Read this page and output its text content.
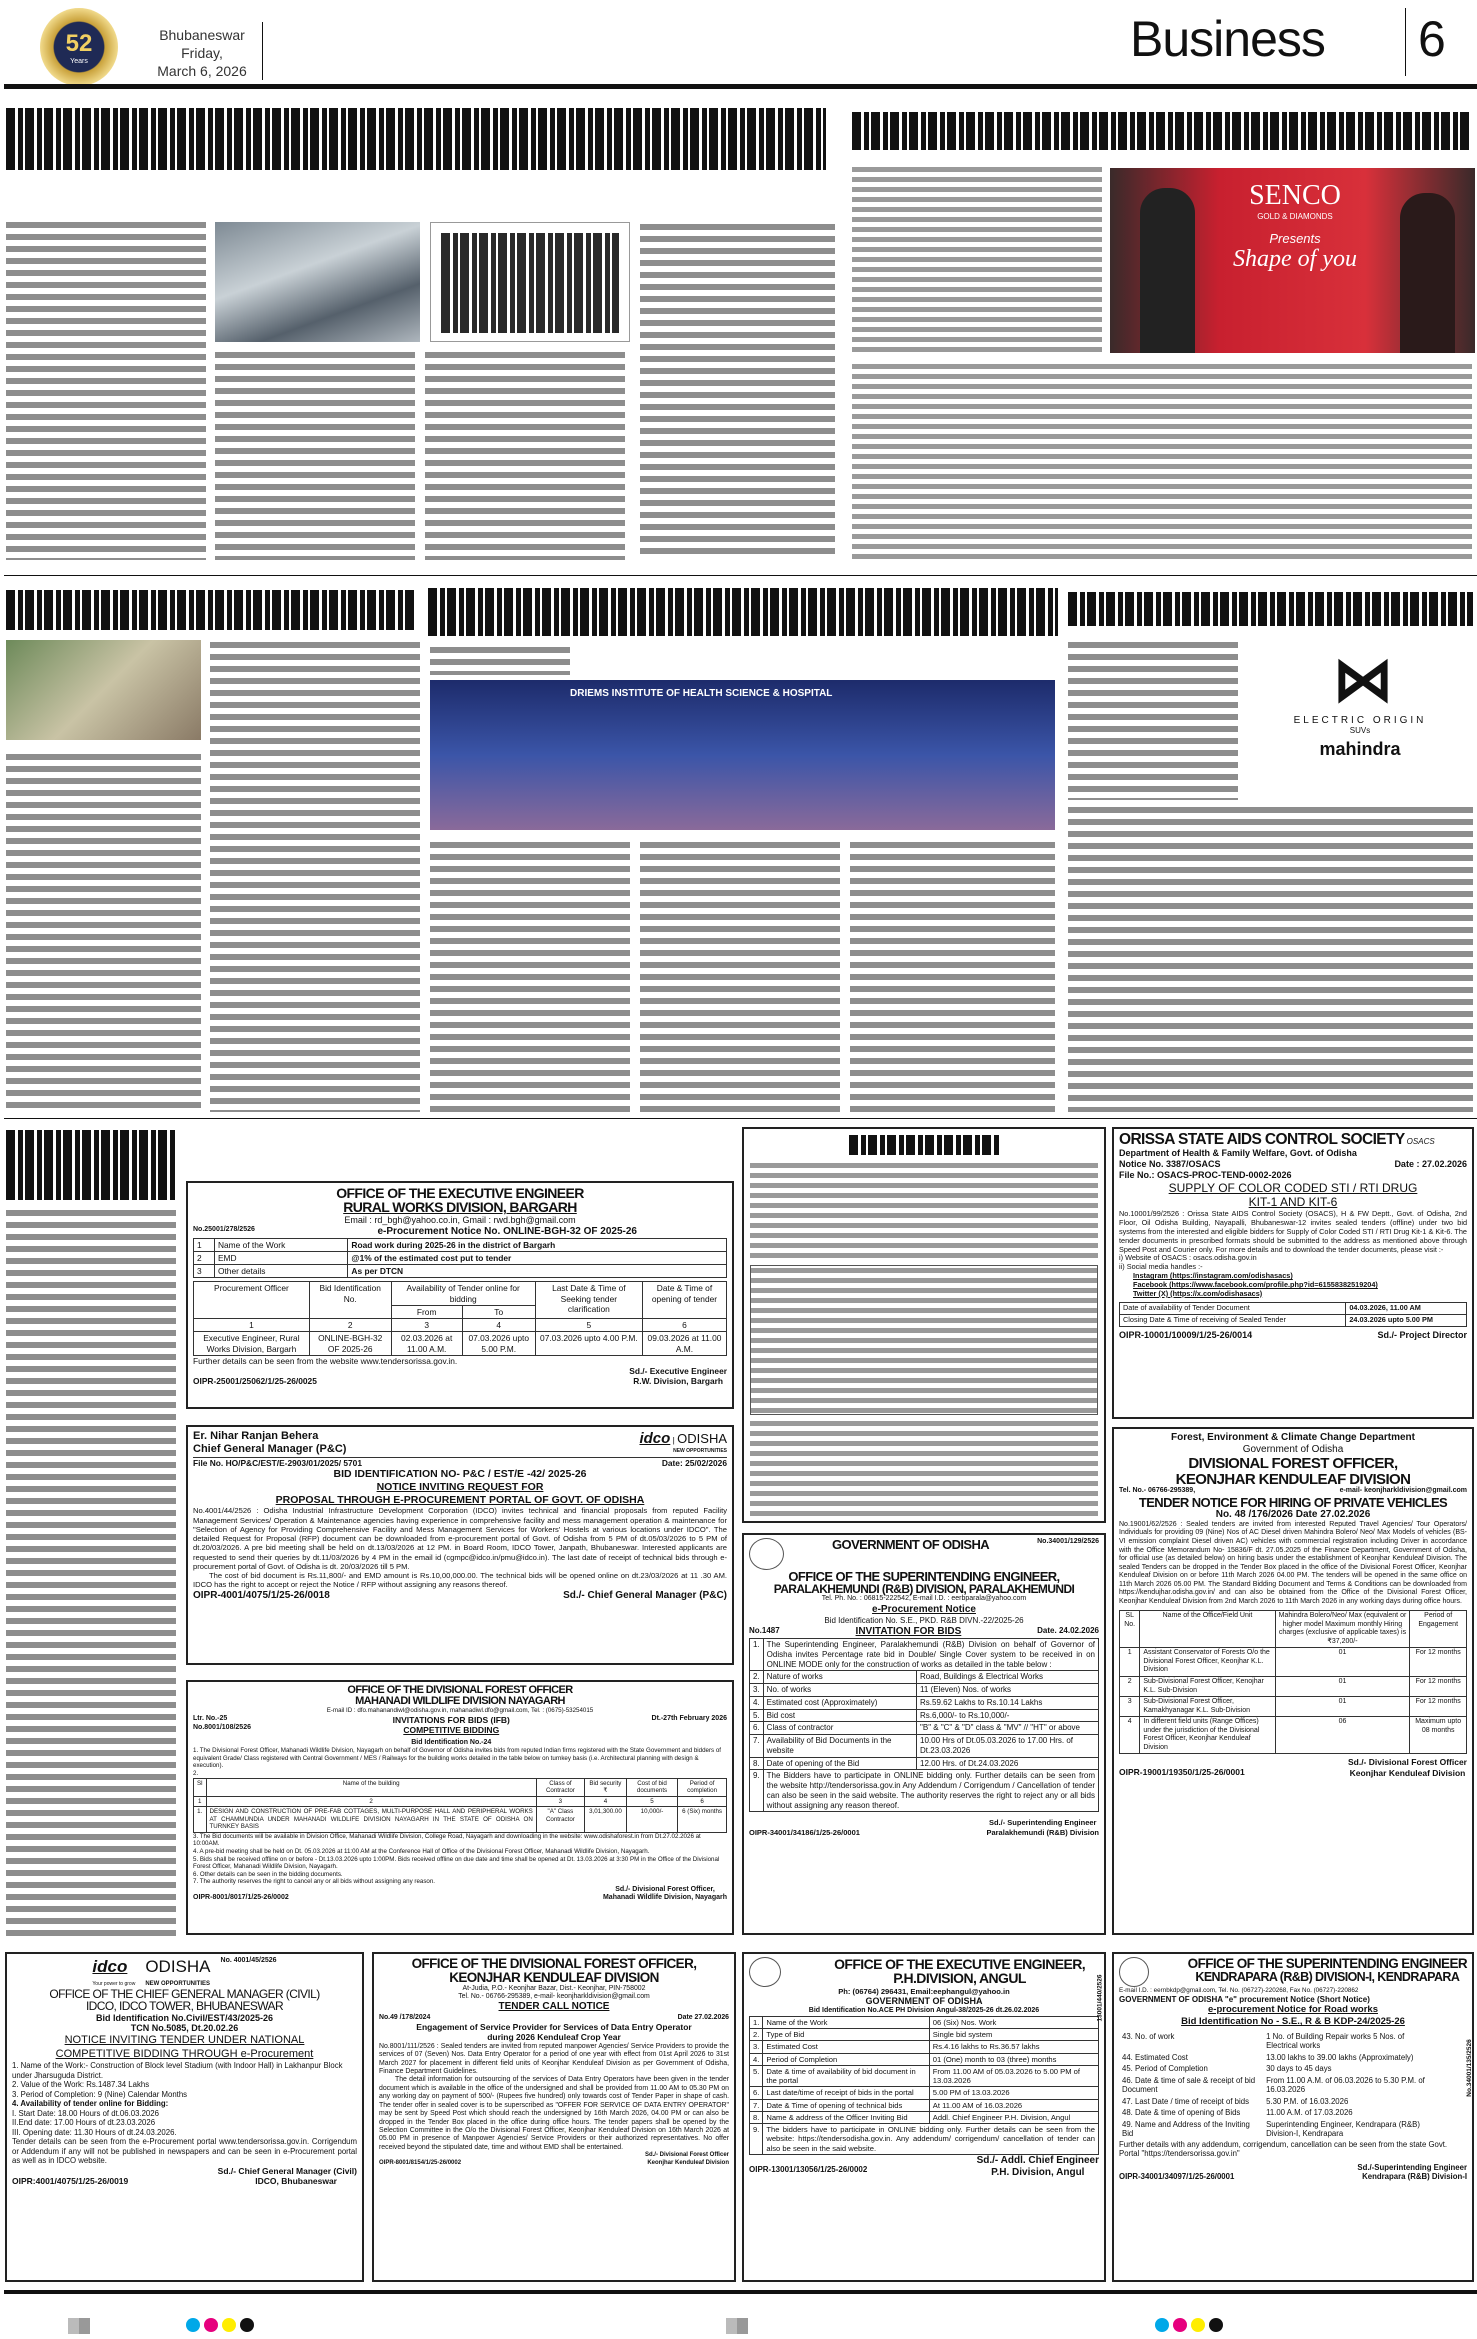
52
Years
Bhubaneswar Friday,
March 6, 2026
Business 6
SENCO
GOLD & DIAMONDS
Presents
Shape of you
DRIEMS INSTITUTE OF HEALTH SCIENCE & HOSPITAL	⋈
ELECTRIC ORIGIN
SUVs
mahindra
OFFICE OF THE EXECUTIVE ENGINEER
RURAL WORKS DIVISION, BARGARH
Email : rd_bgh@yahoo.co.in, Gmail : rwd.bgh@gmail.com
No.25001/278/2526	e-Procurement Notice No. ONLINE-BGH-32 OF 2025-26
1	Name of the Work	Road work during 2025-26 in the district of Bargarh
2	EMD	@1% of the estimated cost put to tender
3	Other details	As per DTCN
Procurement Officer	Bid Identification No.	Availability of Tender online for bidding		Last Date & Time of Seeking tender clarification	Date & Time of opening of tender
		From	To		
1	2	3	4	5	6
Executive Engineer, Rural Works Division, Bargarh	ONLINE-BGH-32 OF 2025-26	02.03.2026 at 11.00 A.M.	07.03.2026 upto 5.00 P.M.	07.03.2026 upto 4.00 P.M.	09.03.2026 at 11.00 A.M.
Further details can be seen from the website www.tendersorissa.gov.in.
OIPR-25001/25062/1/25-26/0025
Sd./- Executive Engineer
R.W. Division, Bargarh
Er. Nihar Ranjan Behera
Chief General Manager (P&C)
idco | ODISHA
NEW OPPORTUNITIES
File No. HO/P&C/EST/E-2903/01/2025/ 5701	Date: 25/02/2026
BID IDENTIFICATION NO- P&C / EST/E -42/ 2025-26
NOTICE INVITING REQUEST FOR
PROPOSAL THROUGH E-PROCUREMENT PORTAL OF GOVT. OF ODISHA
No.4001/44/2526 : Odisha Industrial Infrastructure Development Corporation (IDCO) invites technical and financial proposals from reputed Facility Management Services/ Operation & Maintenance agencies having experience in comprehensive facility and mess management operation & maintenance for "Selection of Agency for Providing Comprehensive Facility and Mess Management Services for Workers' Hostels at various locations under IDCO". The detailed Request for Proposal (RFP) document can be downloaded from e-procurement portal of Govt. of Odisha from 5 PM of dt.05/03/2026 to 5 PM of dt.20/03/2026. A pre bid meeting shall be held on dt.13/03/2026 at 12 PM. in Board Room, IDCO Tower, Janpath, Bhubaneswar. Interested applicants are requested to send their queries by dt.11/03/2026 by 4 PM in the email id (cgmpc@idco.in/pmu@idco.in). The last date of receipt of technical bids through e-procurement portal of Govt. of Odisha is dt. 20/03/2026 till 5 PM.
The cost of bid document is Rs.11,800/- and EMD amount is Rs.10,00,000.00. The technical bids will be opened online on dt.23/03/2026 at 11 .30 AM. IDCO has the right to accept or reject the Notice / RFP without assigning any reasons thereof.
OIPR-4001/4075/1/25-26/0018	Sd./- Chief General Manager (P&C)
OFFICE OF THE DIVISIONAL FOREST OFFICER
MAHANADI WILDLIFE DIVISION NAYAGARH
E-mail ID : dfo.mahanandiwl@odisha.gov.in, mahanadiwl.dfo@gmail.com, Tel. : (0675)-53254015
Ltr. No.-25
No.8001/108/2526
INVITATIONS FOR BIDS (IFB)
COMPETITIVE BIDDING
Bid Identification No.-24
Dt.-27th February 2026
1. The Divisional Forest Officer, Mahanadi Wildlife Division, Nayagarh on behalf of Governor of Odisha invites bids from reputed Indian firms registered with the State Government and bidders of equivalent Grade/ Class registered with Central Government / MES / Railways for the building works detailed in the table below on turnkey basis (i.e. Architectural planning with design & execution).
2.
Sl	Name of the building	Class of Contractor	Bid security ₹	Cost of bid documents	Period of completion
1	2	3	4	5	6
1.	DESIGN AND CONSTRUCTION OF PRE-FAB COTTAGES, MULTI-PURPOSE HALL AND PERIPHERAL WORKS AT CHAMMUNDIA UNDER MAHANADI WILDLIFE DIVISION NAYAGARH IN THE STATE OF ODISHA ON TURNKEY BASIS	"A" Class Contractor	3,01,300.00	10,000/-	6 (Six) months
3. The Bid documents will be available in Division Office, Mahanadi Wildlife Division, College Road, Nayagarh and downloading in the website: www.odishaforest.in from Dt.27.02.2026 at 10:00AM.
4. A pre-bid meeting shall be held on Dt. 05.03.2026 at 11:00 AM at the Conference Hall of Office of the Divisional Forest Officer, Mahanadi Wildlife Division, Nayagarh.
5. Bids shall be received offline on or before - Dt.13.03.2026 upto 1:00PM. Bids received offline on due date and time shall be opened at Dt. 13.03.2026 at 3:30 PM in the Office of the Divisional Forest Officer, Mahanadi Wildlife Division, Nayagarh.
6. Other details can be seen in the bidding documents.
7. The authority reserves the right to cancel any or all bids without assigning any reason.
OIPR-8001/8017/1/25-26/0002
Sd./- Divisional Forest Officer,
Mahanadi Wildlife Division, Nayagarh
GOVERNMENT OF ODISHA	No.34001/129/2526
OFFICE OF THE SUPERINTENDING ENGINEER,
PARALAKHEMUNDI (R&B) DIVISION, PARALAKHEMUNDI
Tel. Ph. No. : 06815-222542, E-mail I.D. : eerbparala@yahoo.com
e-Procurement Notice
Bid Identification No. S.E., PKD. R&B DIVN.-22/2025-26
No.1487	INVITATION FOR BIDS	Date. 24.02.2026
1.	The Superintending Engineer, Paralakhemundi (R&B) Division on behalf of Governor of Odisha invites Percentage rate bid in Double/ Single Cover system to be received in on ONLINE MODE only for the construction of works as detailed in the table below :	
2.	Nature of works	Road, Buildings & Electrical Works
3.	No. of works	11 (Eleven) Nos. of works
4.	Estimated cost (Approximately)	Rs.59.62 Lakhs to Rs.10.14 Lakhs
5.	Bid cost	Rs.6,000/- to Rs.10,000/-
6.	Class of contractor	"B" & "C" & "D" class & "MV" // "HT" or above
7.	Availability of Bid Documents in the website	10.00 Hrs of Dt.05.03.2026 to 17.00 Hrs. of Dt.23.03.2026
8.	Date of opening of the Bid	12.00 Hrs. of Dt.24.03.2026
9.	The Bidders have to participate in ONLINE bidding only. Further details can be seen from the website http://tendersorissa.gov.in Any Addendum / Corrigendum / Cancellation of tender can also be seen in the said website. The authority reserves the right to reject any or all bids without assigning any reason thereof.	
OIPR-34001/34186/1/25-26/0001
Sd./- Superintending Engineer
Paralakhemundi (R&B) Division
ORISSA STATE AIDS CONTROL SOCIETY OSACS
Department of Health & Family Welfare, Govt. of Odisha
Notice No. 3387/OSACS	Date : 27.02.2026
File No.: OSACS-PROC-TEND-0002-2026
SUPPLY OF COLOR CODED STI / RTI DRUG
KIT-1 AND KIT-6
No.10001/99/2526 : Orissa State AIDS Control Society (OSACS), H & FW Deptt., Govt. of Odisha, 2nd Floor, Oil Odisha Building, Nayapalli, Bhubaneswar-12 invites sealed tenders (offline) under two bid systems from the interested and eligible bidders for Supply of Color Coded STI / RTI Drug Kit-1 & Kit-6. The tender documents in prescribed formats should be submitted to the address as mentioned above through Speed Post and Courier only. For more details and to download the tender documents, please visit :-
i) Website of OSACS : osacs.odisha.gov.in
ii) Social media handles :-
Instagram (https://instagram.com/odishasacs)
Facebook (https://www.facebook.com/profile.php?id=61558382519204)
Twitter (X) (https://x.com/odishasacs)
Date of availability of Tender Document	04.03.2026, 11.00 AM
Closing Date & Time of receiving of Sealed Tender	24.03.2026 upto 5.00 PM
OIPR-10001/10009/1/25-26/0014	Sd./- Project Director
Forest, Environment & Climate Change Department
Government of Odisha
DIVISIONAL FOREST OFFICER,
KEONJHAR KENDULEAF DIVISION
Tel. No.- 06766-295389,	e-mail- keonjharkldivision@gmail.com
TENDER NOTICE FOR HIRING OF PRIVATE VEHICLES
No. 48 /176/2026 Date 27.02.2026
No.19001/62/2526 : Sealed tenders are invited from interested Reputed Travel Agencies/ Tour Operators/ Individuals for providing 09 (Nine) Nos of AC Diesel driven Mahindra Bolero/ Neo/ Max Models of vehicles (BS-VI emission complaint Diesel driven AC) vehicles with commercial registration including Driver in accordance with the Office Memorandum No- 15836/F dt. 27.05.2025 of the Finance Department, Government of Odisha, for official use (as detailed below) on hiring basis under the establishment of Keonjhar Kenduleaf Division. The sealed Tenders can be dropped in the Tender Box placed in the office of the Divisional Forest Officer, Keonjhar Kenduleaf Division on or before 11th March 2026 04.00 PM. The tenders will be opened in the same office on 11th March 2026 05.00 PM. The Standard Bidding Document and Terms & Conditions can be downloaded from https://kendujhar.odisha.gov.in/ and can also be obtained from the Office of the Divisional Forest Officer, Keonjhar Kenduleaf Division from 2nd March 2026 to 11th March 2026 in any working days during office hours.
SL No.	Name of the Office/Field Unit	Mahindra Bolero/Neo/ Max (equivalent or higher model Maximum monthly Hiring charges (exclusive of applicable taxes) is ₹37,200/-	Period of Engagement
1	Assistant Conservator of Forests O/o the Divisional Forest Officer, Keonjhar K.L. Division	01	For 12 months
2	Sub-Divisional Forest Officer, Kenojhar K.L. Sub-Division	01	For 12 months
3	Sub-Divisional Forest Officer, Kamakhyanagar K.L. Sub-Division	01	For 12 months
4	In different field units (Range Offices) under the jurisdiction of the Divisional Forest Officer, Keonjhar Kenduleaf Division	06	Maximum upto 08 months
OIPR-19001/19350/1/25-26/0001
Sd./- Divisional Forest Officer
Keonjhar Kenduleaf Division
idco
Your power to grow
ODISHA
NEW OPPORTUNITIES
No. 4001/45/2526
OFFICE OF THE CHIEF GENERAL MANAGER (CIVIL)
IDCO, IDCO TOWER, BHUBANESWAR
Bid Identification No.Civil/EST/43/2025-26
TCN No.5085, Dt.20.02.26
NOTICE INVITING TENDER UNDER NATIONAL
COMPETITIVE BIDDING THROUGH e-Procurement
1. Name of the Work:- Construction of Block level Stadium (with Indoor Hall) in Lakhanpur Block under Jharsuguda District.
2. Value of the Work: Rs.1487.34 Lakhs
3. Period of Completion: 9 (Nine) Calendar Months
4. Availability of tender online for Bidding:
I. Start Date: 18.00 Hours of dt.06.03.2026
II.End date: 17.00 Hours of dt.23.03.2026
III. Opening date: 11.30 Hours of dt.24.03.2026.
Tender details can be seen from the e-Procurement portal www.tendersorissa.gov.in. Corrigendum or Addendum if any will not be published in newspapers and can be seen in e-Procurement portal as well as in IDCO website.
Sd./- Chief General Manager (Civil)
OIPR:4001/4075/1/25-26/0019	IDCO, Bhubaneswar
OFFICE OF THE DIVISIONAL FOREST OFFICER,
KEONJHAR KENDULEAF DIVISION
At-Judia, P.O.- Keonjhar Bazar, Dist.- Keonjhar, PIN-758002
Tel. No.- 06766-295389, e-mail- keonjharkldivision@gmail.com
TENDER CALL NOTICE
No.49 /178/2024	Date 27.02.2026
Engagement of Service Provider for Services of Data Entry Operator during 2026 Kenduleaf Crop Year
No.8001/111/2526 : Sealed tenders are invited from reputed manpower Agencies/ Service Providers to provide the services of 07 (Seven) Nos. Data Entry Operator for a period of one year with effect from 01st April 2026 to 31st March 2027 for placement in different field units of Keonjhar Kenduleaf Division as per Government of Odisha, Finance Department Guidelines.
The detail information for outsourcing of the services of Data Entry Operators have been given in the tender document which is available in the office of the undersigned and shall be provided from 11.00 AM to 05.30 PM on any working day on payment of 500/- (Rupees five hundred) only towards cost of Tender Paper in shape of cash. The tender offer in sealed cover is to be superscribed as "OFFER FOR SERVICE OF DATA ENTRY OPERATOR" may be sent by Speed Post which should reach the undersigned by 16th March 2026, 04.00 PM or can also be dropped in the Tender Box placed in the office during office hours. The tender papers shall be opened by the Selection Committee in the O/o the Divisional Forest Officer, Keonjhar Kenduleaf Division on 16th March 2026 at 05.00 PM in presence of Manpower Agencies/ Service Providers or their authorized representatives. No offer received beyond the stipulated date, time and without EMD shall be entertained.
Sd./- Divisional Forest Officer
OIPR-8001/8154/1/25-26/0002	Keonjhar Kenduleaf Division
13001/440/2526
OFFICE OF THE EXECUTIVE ENGINEER,
P.H.DIVISION, ANGUL
Ph: (06764) 296431, Email:eephangul@yahoo.in
GOVERNMENT OF ODISHA
Bid Identification No.ACE PH Division Angul-38/2025-26 dt.26.02.2026
1.	Name of the Work	06 (Six) Nos. Work
2.	Type of Bid	Single bid system
3.	Estimated Cost	Rs.4.16 lakhs to Rs.36.57 lakhs
4.	Period of Completion	01 (One) month to 03 (three) months
5.	Date & time of availability of bid document in the portal	From 11.00 AM of 05.03.2026 to 5.00 PM of 13.03.2026
6.	Last date/time of receipt of bids in the portal	5.00 PM of 13.03.2026
7.	Date & Time of opening of technical bids	At 11.00 AM of 16.03.2026
8.	Name & address of the Officer Inviting Bid	Addl. Chief Engineer P.H. Division, Angul
9.	The bidders have to participate in ONLINE bidding only. Further details can be seen from the website: https://tendersodisha.gov.in. Any addendum/ corrigendum/ cancellation of tender can also be seen in the said website.	
OIPR-13001/13056/1/25-26/0002
Sd./- Addl. Chief Engineer
P.H. Division, Angul
No.34001/135/2526
OFFICE OF THE SUPERINTENDING ENGINEER
KENDRAPARA (R&B) DIVISION-I, KENDRAPARA
E-mail I.D. : eernbkdp@gmail.com, Tel. No. (06727)-220268, Fax No. (06727)-220862
GOVERNMENT OF ODISHA "e" procurement Notice (Short Notice)
e-procurement Notice for Road works
Bid Identification No - S.E., R & B KDP-24/2025-26
43. No. of work	1 No. of Building Repair works 5 Nos. of Electrical works
44. Estimated Cost	13.00 lakhs to 39.00 lakhs (Approximately)
45. Period of Completion	30 days to 45 days
46. Date & time of sale & receipt of bid Document	From 11.00 A.M. of 06.03.2026 to 5.30 P.M. of 16.03.2026
47. Last Date / time of receipt of bids	5.30 P.M. of 16.03.2026
48. Date & time of opening of Bids	11.00 A.M. of 17.03.2026
49. Name and Address of the Inviting Bid	Superintending Engineer, Kendrapara (R&B) Division-I, Kendrapara
Further details with any addendum, corrigendum, cancellation can be seen from the state Govt. Portal "https://tendersorissa.gov.in"
Sd./-Superintending Engineer
OIPR-34001/34097/1/25-26/0001	Kendrapara (R&B) Division-I
